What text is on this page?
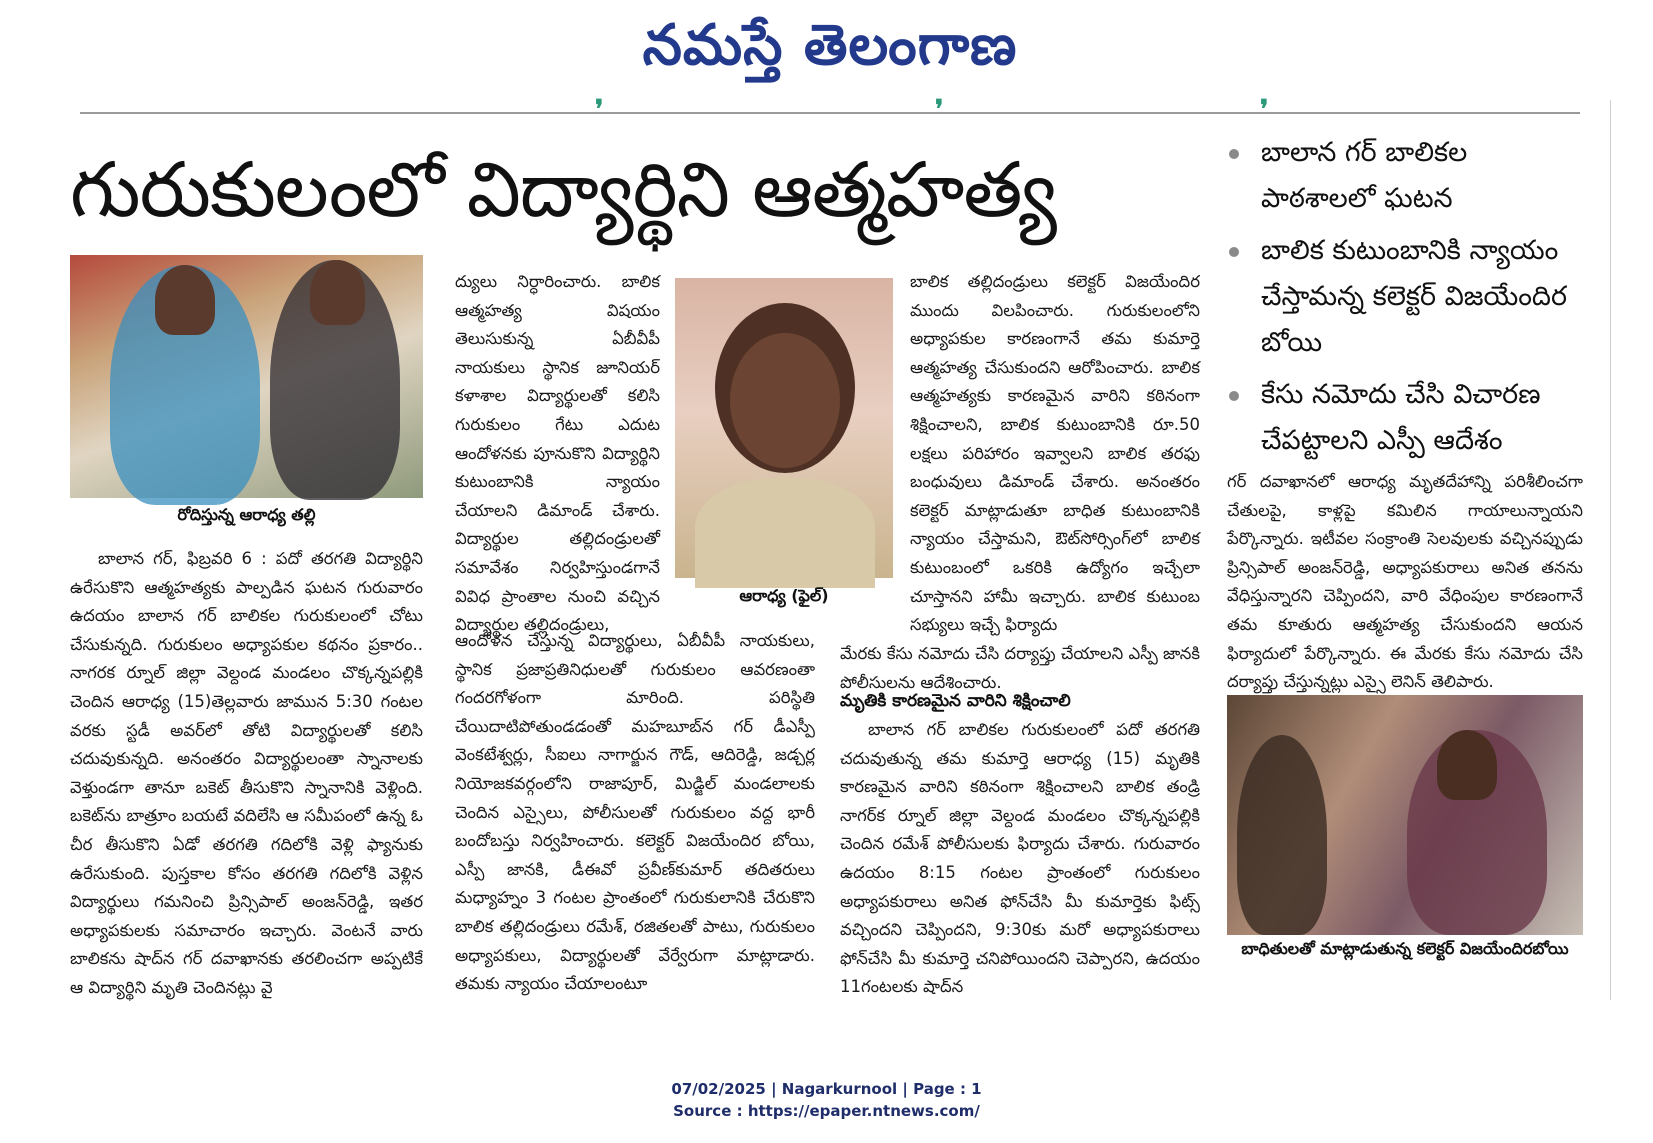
నమస్తే తెలంగాణ
❜	❜	❜
గురుకులంలో విద్యార్థిని ఆత్మహత్య	బాలాన గర్ బాలికల పాఠశాలలో ఘటన
బాలిక కుటుంబానికి న్యాయం చేస్తామన్న కలెక్టర్ విజయేందిర బోయి
కేసు నమోదు చేసి విచారణ చేపట్టాలని ఎస్పీ ఆదేశం
రోదిస్తున్న ఆరాధ్య తల్లి
ఆరాధ్య (ఫైల్)
బాధితులతో మాట్లాడుతున్న కలెక్టర్ విజయేందిరబోయి

బాలాన గర్, ఫిబ్రవరి 6 : పదో తరగతి విద్యార్థిని ఉరేసుకొని ఆత్మహత్యకు పాల్పడిన ఘటన గురువారం ఉదయం బాలాన గర్ బాలికల గురుకులంలో చోటు చేసుకున్నది. గురుకులం అధ్యాపకుల కథనం ప్రకారం.. నాగరక ర్నూల్ జిల్లా వెల్దండ మండలం చొక్కన్నపల్లికి చెందిన ఆరాధ్య (15)తెల్లవారు జామున 5:30 గంటల వరకు స్టడీ అవర్‌లో తోటి విద్యార్థులతో కలిసి చదువుకున్నది. అనంతరం విద్యార్థులంతా స్నానాలకు వెళ్తుండగా తానూ బకెట్ తీసుకొని స్నానానికి వెళ్లింది. బకెట్‌ను బాత్రూం బయటే వదిలేసి ఆ సమీపంలో ఉన్న ఓ చీర తీసుకొని ఏడో తరగతి గదిలోకి వెళ్లి ఫ్యానుకు ఉరేసుకుంది. పుస్తకాల కోసం తరగతి గదిలోకి వెళ్లిన విద్యార్థులు గమనించి ప్రిన్సిపాల్ అంజన్‌రెడ్డి, ఇతర అధ్యాపకులకు సమాచారం ఇచ్చారు. వెంటనే వారు బాలికను షాద్‌న గర్ దవాఖానకు తరలించగా అప్పటికే ఆ విద్యార్థిని మృతి చెందినట్లు వై

ద్యులు నిర్ధారించారు. బాలిక ఆత్మహత్య విషయం తెలుసుకున్న ఏబీవీపీ నాయకులు స్థానిక జూనియర్ కళాశాల విద్యార్థులతో కలిసి గురుకులం గేటు ఎదుట ఆందోళనకు పూనుకొని విద్యార్థిని కుటుంబానికి న్యాయం చేయాలని డిమాండ్ చేశారు. విద్యార్థుల తల్లిదండ్రులతో సమావేశం నిర్వహిస్తుండగానే వివిధ ప్రాంతాల నుంచి వచ్చిన విద్యార్థుల తల్లిదండ్రులు,
ఆందోళన చేస్తున్న విద్యార్థులు, ఏబీవీపీ నాయకులు, స్థానిక ప్రజాప్రతినిధులతో గురుకులం ఆవరణంతా గందరగోళంగా మారింది. పరిస్థితి చేయిదాటిపోతుండడంతో మహబూబ్‌న గర్ డీఎస్పీ వెంకటేశ్వర్లు, సీఐలు నాగార్జున గౌడ్, ఆదిరెడ్డి, జడ్చర్ల నియోజకవర్గంలోని రాజాపూర్, మిడ్జిల్ మండలాలకు చెందిన ఎస్సైలు, పోలీసులతో గురుకులం వద్ద భారీ బందోబస్తు నిర్వహించారు. కలెక్టర్ విజయేందిర బోయి, ఎస్పీ జానకి, డీఈవో ప్రవీణ్‌కుమార్ తదితరులు మధ్యాహ్నం 3 గంటల ప్రాంతంలో గురుకులానికి చేరుకొని బాలిక తల్లిదండ్రులు రమేశ్, రజితలతో పాటు, గురుకులం అధ్యాపకులు, విద్యార్థులతో వేర్వేరుగా మాట్లాడారు. తమకు న్యాయం చేయాలంటూ
బాలిక తల్లిదండ్రులు కలెక్టర్ విజయేందిర ముందు విలపించారు. గురుకులంలోని అధ్యాపకుల కారణంగానే తమ కుమార్తె ఆత్మహత్య చేసుకుందని ఆరోపించారు. బాలిక ఆత్మహత్యకు కారణమైన వారిని కఠినంగా శిక్షించాలని, బాలిక కుటుంబానికి రూ.50 లక్షలు పరిహారం ఇవ్వాలని బాలిక తరఫు బంధువులు డిమాండ్ చేశారు. అనంతరం కలెక్టర్ మాట్లాడుతూ బాధిత కుటుంబానికి న్యాయం చేస్తామని, ఔట్‌సోర్సింగ్‌లో బాలిక కుటుంబంలో ఒకరికి ఉద్యోగం ఇచ్చేలా చూస్తానని హామీ ఇచ్చారు. బాలిక కుటుంబ సభ్యులు ఇచ్చే ఫిర్యాదు
మేరకు కేసు నమోదు చేసి దర్యాప్తు చేయాలని ఎస్పీ జానకి పోలీసులను ఆదేశించారు.
మృతికి కారణమైన వారిని శిక్షించాలి

బాలాన గర్ బాలికల గురుకులంలో పదో తరగతి చదువుతున్న తమ కుమార్తె ఆరాధ్య (15) మృతికి కారణమైన వారిని కఠినంగా శిక్షించాలని బాలిక తండ్రి నాగర్‌క ర్నూల్ జిల్లా వెల్దండ మండలం చొక్కన్నపల్లికి చెందిన రమేశ్ పోలీసులకు ఫిర్యాదు చేశారు. గురువారం ఉదయం 8:15 గంటల ప్రాంతంలో గురుకులం అధ్యాపకురాలు అనిత ఫోన్‌చేసి మీ కుమార్తెకు ఫిట్స్ వచ్చిందని చెప్పిందని, 9:30కు మరో అధ్యాపకురాలు ఫోన్‌చేసి మీ కుమార్తె చనిపోయిందని చెప్పారని, ఉదయం 11గంటలకు షాద్‌న

గర్ దవాఖానలో ఆరాధ్య మృతదేహాన్ని పరిశీలించగా చేతులపై, కాళ్లపై కమిలిన గాయాలున్నాయని పేర్కొన్నారు. ఇటీవల సంక్రాంతి సెలవులకు వచ్చినప్పుడు ప్రిన్సిపాల్ అంజన్‌రెడ్డి, అధ్యాపకురాలు అనిత తనను వేధిస్తున్నారని చెప్పిందని, వారి వేధింపుల కారణంగానే తమ కూతురు ఆత్మహత్య చేసుకుందని ఆయన ఫిర్యాదులో పేర్కొన్నారు. ఈ మేరకు కేసు నమోదు చేసి దర్యాప్తు చేస్తున్నట్లు ఎస్సై లెనిన్ తెలిపారు.
07/02/2025 | Nagarkurnool | Page : 1
Source : https://epaper.ntnews.com/
